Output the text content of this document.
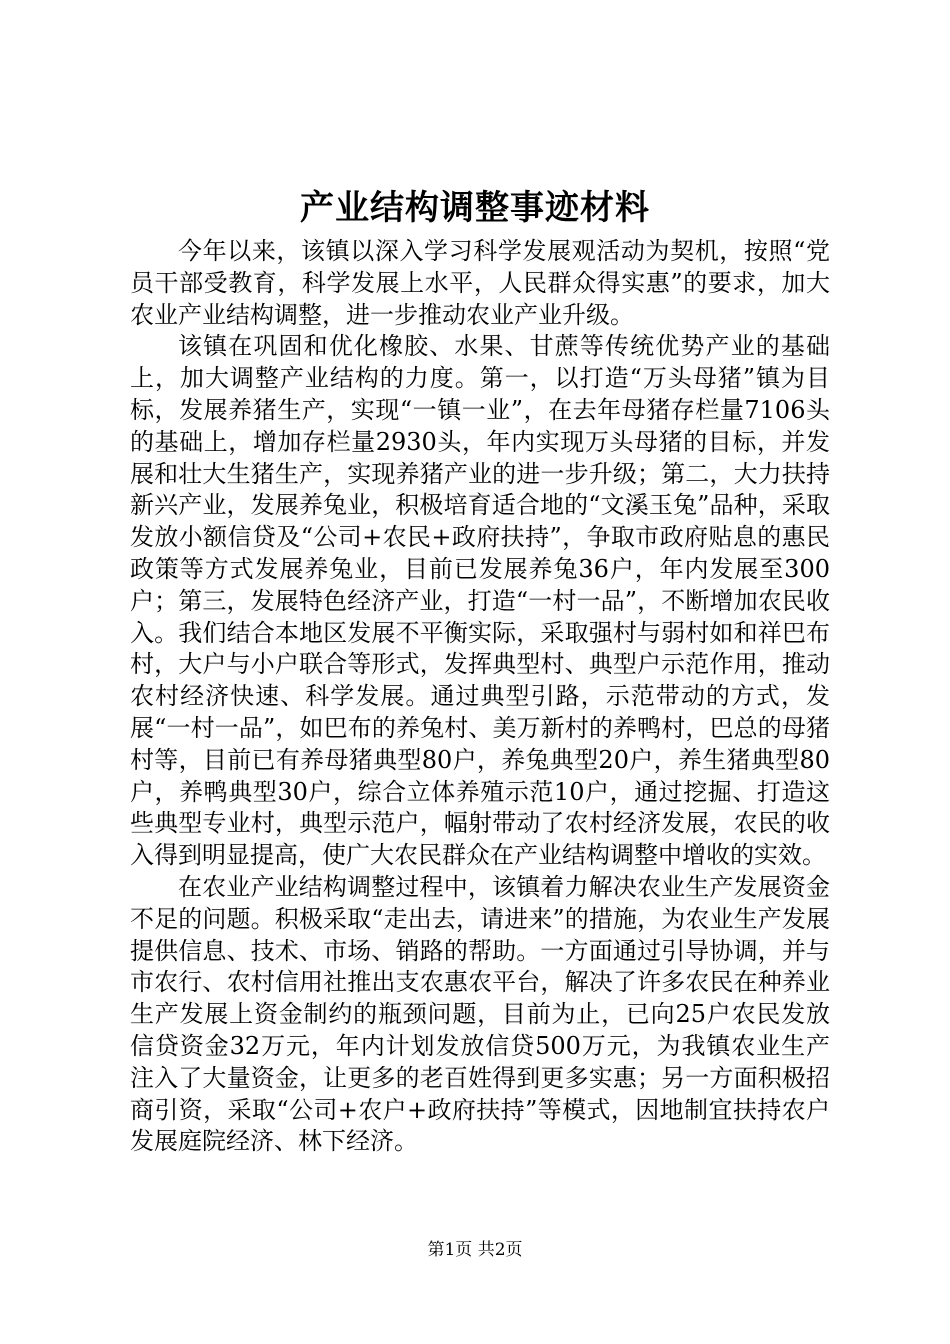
产业结构调整事迹材料

今年以来，该镇以深入学习科学发展观活动为契机，按照“党员干部受教育，科学发展上水平，人民群众得实惠”的要求，加大农业产业结构调整，进一步推动农业产业升级。

该镇在巩固和优化橡胶、水果、甘蔗等传统优势产业的基础上，加大调整产业结构的力度。第一，以打造“万头母猪”镇为目标，发展养猪生产，实现“一镇一业”，在去年母猪存栏量7106头的基础上，增加存栏量2930头，年内实现万头母猪的目标，并发展和壮大生猪生产，实现养猪产业的进一步升级；第二，大力扶持新兴产业，发展养兔业，积极培育适合地的“文溪玉兔”品种，采取发放小额信贷及“公司+农民+政府扶持”，争取市政府贴息的惠民政策等方式发展养兔业，目前已发展养兔36户，年内发展至300户；第三，发展特色经济产业，打造“一村一品”，不断增加农民收入。我们结合本地区发展不平衡实际，采取强村与弱村如和祥巴布村，大户与小户联合等形式，发挥典型村、典型户示范作用，推动农村经济快速、科学发展。通过典型引路，示范带动的方式，发展“一村一品”，如巴布的养兔村、美万新村的养鸭村，巴总的母猪村等，目前已有养母猪典型80户，养兔典型20户，养生猪典型80户，养鸭典型30户，综合立体养殖示范10户，通过挖掘、打造这些典型专业村，典型示范户，幅射带动了农村经济发展，农民的收入得到明显提高，使广大农民群众在产业结构调整中增收的实效。

在农业产业结构调整过程中，该镇着力解决农业生产发展资金不足的问题。积极采取“走出去，请进来”的措施，为农业生产发展提供信息、技术、市场、销路的帮助。一方面通过引导协调，并与市农行、农村信用社推出支农惠农平台，解决了许多农民在种养业生产发展上资金制约的瓶颈问题，目前为止，已向25户农民发放信贷资金32万元，年内计划发放信贷500万元，为我镇农业生产注入了大量资金，让更多的老百姓得到更多实惠；另一方面积极招商引资，采取“公司+农户+政府扶持”等模式，因地制宜扶持农户发展庭院经济、林下经济。

第1页 共2页
